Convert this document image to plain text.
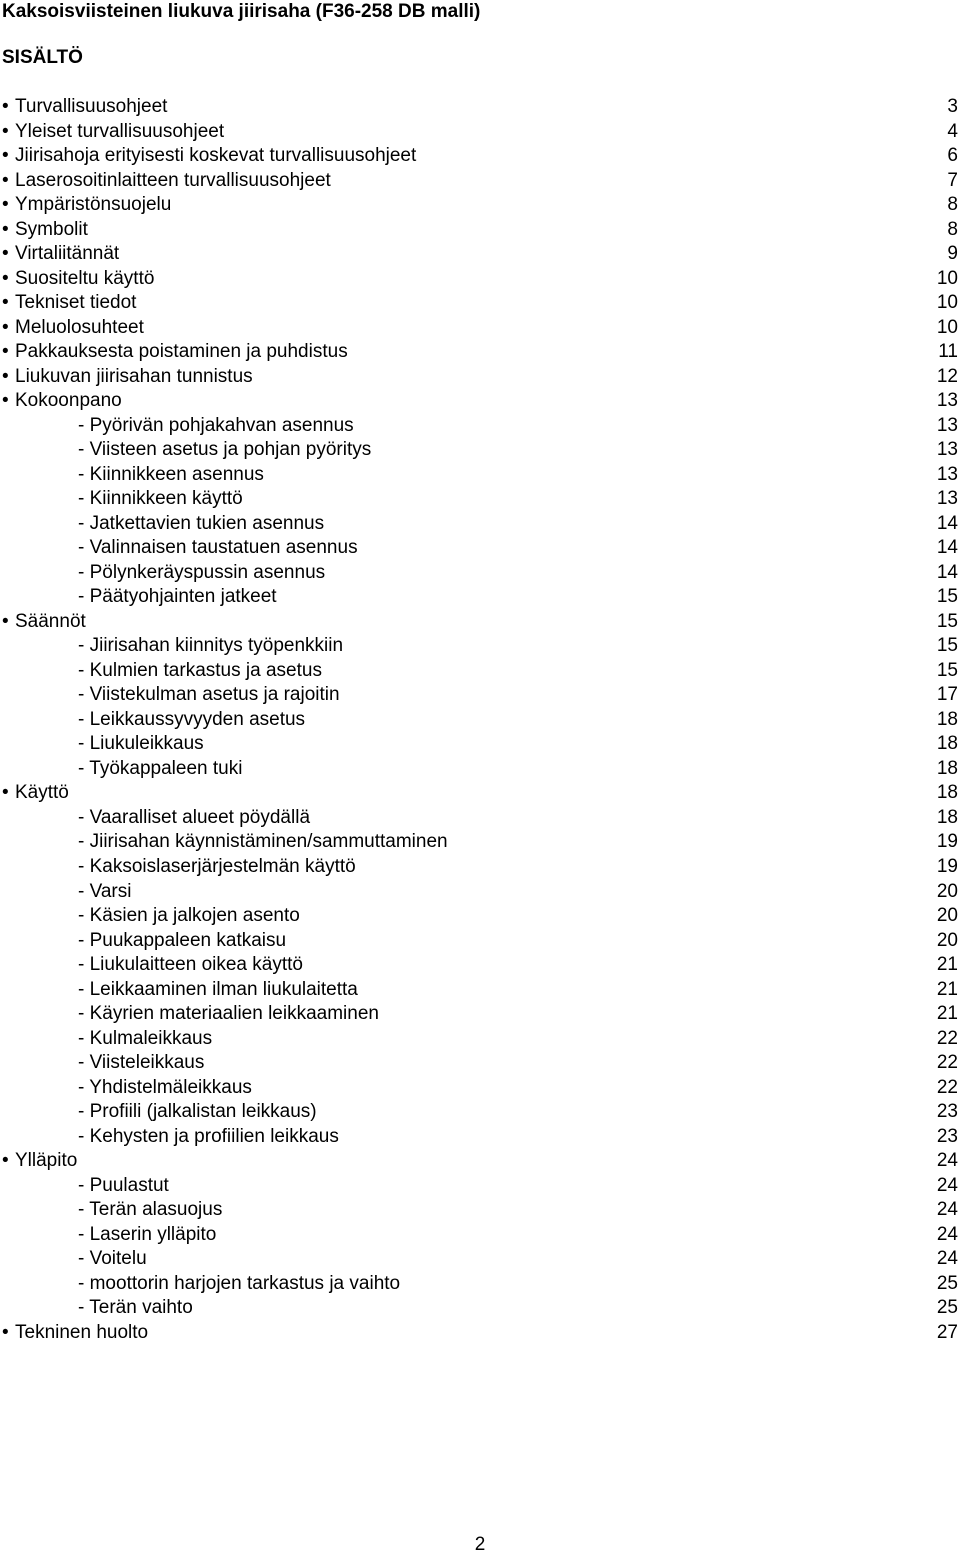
Kaksoisviisteinen liukuva jiirisaha (F36-258 DB malli)
SISÄLTÖ
• Turvallisuusohjeet	3
• Yleiset turvallisuusohjeet	4
• Jiirisahoja erityisesti koskevat turvallisuusohjeet	6
• Laserosoitinlaitteen turvallisuusohjeet	7
• Ympäristönsuojelu	8
• Symbolit	8
• Virtaliitännät	9
• Suositeltu käyttö	10
• Tekniset tiedot	10
• Meluolosuhteet	10
• Pakkauksesta poistaminen ja puhdistus	11
• Liukuvan jiirisahan tunnistus	12
• Kokoonpano	13
- Pyörivän pohjakahvan asennus	13
- Viisteen asetus ja pohjan pyöritys	13
- Kiinnikkeen asennus	13
- Kiinnikkeen käyttö	13
- Jatkettavien tukien asennus	14
- Valinnaisen taustatuen asennus	14
- Pölynkeräyspussin asennus	14
- Päätyohjainten jatkeet	15
• Säännöt	15
- Jiirisahan kiinnitys työpenkkiin	15
- Kulmien tarkastus ja asetus	15
- Viistekulman asetus ja rajoitin	17
- Leikkaussyvyyden asetus	18
- Liukuleikkaus	18
- Työkappaleen tuki	18
• Käyttö	18
- Vaaralliset alueet pöydällä	18
- Jiirisahan käynnistäminen/sammuttaminen	19
- Kaksoislaserjärjestelmän käyttö	19
- Varsi	20
- Käsien ja jalkojen asento	20
- Puukappaleen katkaisu	20
- Liukulaitteen oikea käyttö	21
- Leikkaaminen ilman liukulaitetta	21
- Käyrien materiaalien leikkaaminen	21
- Kulmaleikkaus	22
- Viisteleikkaus	22
- Yhdistelmäleikkaus	22
- Profiili (jalkalistan leikkaus)	23
- Kehysten ja profiilien leikkaus	23
• Ylläpito	24
- Puulastut	24
- Terän alasuojus	24
- Laserin ylläpito	24
- Voitelu	24
- moottorin harjojen tarkastus ja vaihto	25
- Terän vaihto	25
• Tekninen huolto	27
2
